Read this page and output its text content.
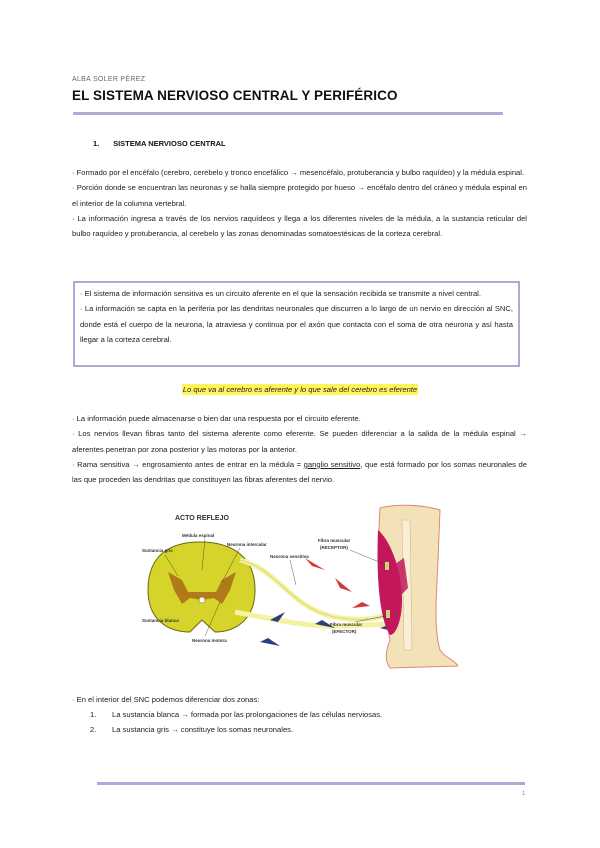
ALBA SOLER PÉREZ
EL SISTEMA NERVIOSO CENTRAL Y PERIFÉRICO
1. SISTEMA NERVIOSO CENTRAL
· Formado por el encéfalo (cerebro, cerebelo y tronco encefálico → mesencéfalo, protuberancia y bulbo raquídeo) y la médula espinal.
· Porción donde se encuentran las neuronas y se halla siempre protegido por hueso → encéfalo dentro del cráneo y médula espinal en el interior de la columna vertebral.
· La información ingresa a través de los nervios raquídeos y llega a los diferentes niveles de la médula, a la sustancia reticular del bulbo raquídeo y protuberancia, al cerebelo y las zonas denominadas somatoestésicas de la corteza cerebral.
· El sistema de información sensitiva es un circuito aferente en el que la sensación recibida se transmite a nivel central.
· La información se capta en la periferia por las dendritas neuronales que discurren a lo largo de un nervio en dirección al SNC, donde está el cuerpo de la neurona, la atraviesa y continua por el axón que contacta con el soma de otra neurona y así hasta llegar a la corteza cerebral.
Lo que va al cerebro es aferente y lo que sale del cerebro es eferente
· La información puede almacenarse o bien dar una respuesta por el circuito eferente.
· Los nervios llevan fibras tanto del sistema aferente como eferente. Se pueden diferenciar a la salida de la médula espinal → aferentes penetran por zona posterior y las motoras por la anterior.
· Rama sensitiva → engrosamiento antes de entrar en la médula = ganglio sensitivo, que está formado por los somas neuronales de las que proceden las dendritas que constituyen las fibras aferentes del nervio.
ACTO REFLEJO
Médula espinal
Sustancia gris
Sustancia blanca
Neurona intercalar
Neurona sensitiva
Neurona motora
Fibra muscular
(RECEPTOR)
Fibra muscular
(EFECTOR)
· En el interior del SNC podemos diferenciar dos zonas:
1.	La sustancia blanca → formada por las prolongaciones de las células nerviosas.
2.	La sustancia gris → constituye los somas neuronales.
1
